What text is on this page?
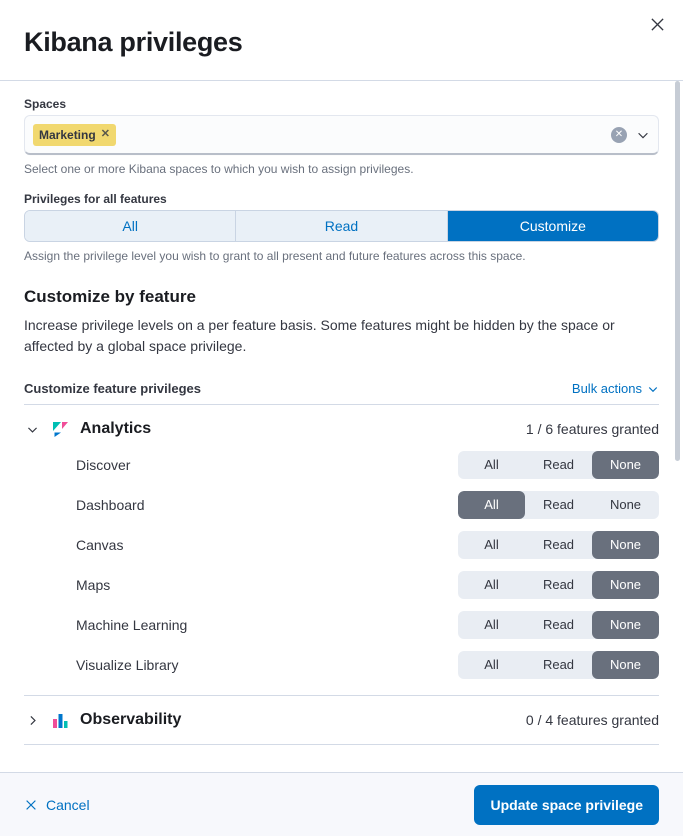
Kibana privileges
Spaces
Marketing ✕	✕
Select one or more Kibana spaces to which you wish to assign privileges.
Privileges for all features
All	Read	Customize
Assign the privilege level you wish to grant to all present and future features across this space.
Customize by feature

Increase privilege levels on a per feature basis. Some features might be hidden by the space or affected by a global space privilege.

Customize feature privileges	Bulk actions
Analytics	1 / 6 features granted
Discover	All	Read	None
Dashboard	All	Read	None
Canvas	All	Read	None
Maps	All	Read	None
Machine Learning	All	Read	None
Visualize Library	All	Read	None
Observability	0 / 4 features granted
Cancel	Update space privilege
